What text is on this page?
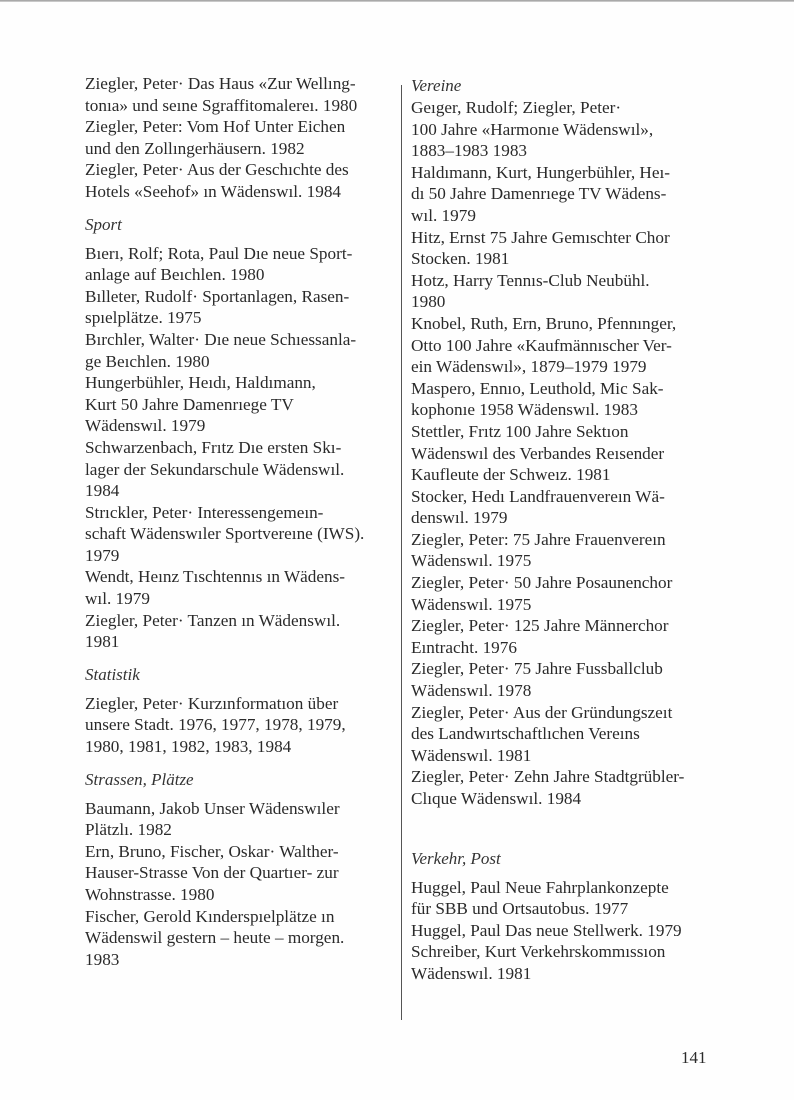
Ziegler, Peter· Das Haus «Zur Wellıng-
tonıa» und seıne Sgraffitomalereı. 1980
Ziegler, Peter: Vom Hof Unter Eichen
und den Zollıngerhäusern. 1982
Ziegler, Peter· Aus der Geschıchte des
Hotels «Seehof» ın Wädenswıl. 1984
Sport
Bıerı, Rolf; Rota, Paul Dıe neue Sport-
anlage auf Beıchlen. 1980
Bılleter, Rudolf· Sportanlagen, Rasen-
spıelplätze. 1975
Bırchler, Walter· Dıe neue Schıessanla-
ge Beıchlen. 1980
Hungerbühler, Heıdı, Haldımann,
Kurt 50 Jahre Damenrıege TV
Wädenswıl. 1979
Schwarzenbach, Frıtz Dıe ersten Skı-
lager der Sekundarschule Wädenswıl.
1984
Strıckler, Peter· Interessengemeın-
schaft Wädenswıler Sportvereıne (IWS).
1979
Wendt, Heınz Tıschtennıs ın Wädens-
wıl. 1979
Ziegler, Peter· Tanzen ın Wädenswıl.
1981
Statistik
Ziegler, Peter· Kurzınformatıon über
unsere Stadt. 1976, 1977, 1978, 1979,
1980, 1981, 1982, 1983, 1984
Strassen, Plätze
Baumann, Jakob Unser Wädenswıler
Plätzlı. 1982
Ern, Bruno, Fischer, Oskar· Walther-
Hauser-Strasse Von der Quartıer- zur
Wohnstrasse. 1980
Fischer, Gerold Kınderspıelplätze ın
Wädenswil gestern – heute – morgen.
1983
Vereine
Geıger, Rudolf; Ziegler, Peter·
100 Jahre «Harmonıe Wädenswıl»,
1883–1983 1983
Haldımann, Kurt, Hungerbühler, Heı-
dı 50 Jahre Damenrıege TV Wädens-
wıl. 1979
Hitz, Ernst 75 Jahre Gemıschter Chor
Stocken. 1981
Hotz, Harry Tennıs-Club Neubühl.
1980
Knobel, Ruth, Ern, Bruno, Pfennınger,
Otto 100 Jahre «Kaufmännıscher Ver-
ein Wädenswıl», 1879–1979 1979
Maspero, Ennıo, Leuthold, Mic Sak-
kophonıe 1958 Wädenswıl. 1983
Stettler, Frıtz 100 Jahre Sektıon
Wädenswıl des Verbandes Reısender
Kaufleute der Schweız. 1981
Stocker, Hedı Landfrauenvereın Wä-
denswıl. 1979
Ziegler, Peter: 75 Jahre Frauenvereın
Wädenswıl. 1975
Ziegler, Peter· 50 Jahre Posaunenchor
Wädenswıl. 1975
Ziegler, Peter· 125 Jahre Männerchor
Eıntracht. 1976
Ziegler, Peter· 75 Jahre Fussballclub
Wädenswıl. 1978
Ziegler, Peter· Aus der Gründungszeıt
des Landwırtschaftlıchen Vereıns
Wädenswıl. 1981
Ziegler, Peter· Zehn Jahre Stadtgrübler-
Clıque Wädenswıl. 1984
Verkehr, Post
Huggel, Paul Neue Fahrplankonzepte
für SBB und Ortsautobus. 1977
Huggel, Paul Das neue Stellwerk. 1979
Schreiber, Kurt Verkehrskommıssıon
Wädenswıl. 1981
141
